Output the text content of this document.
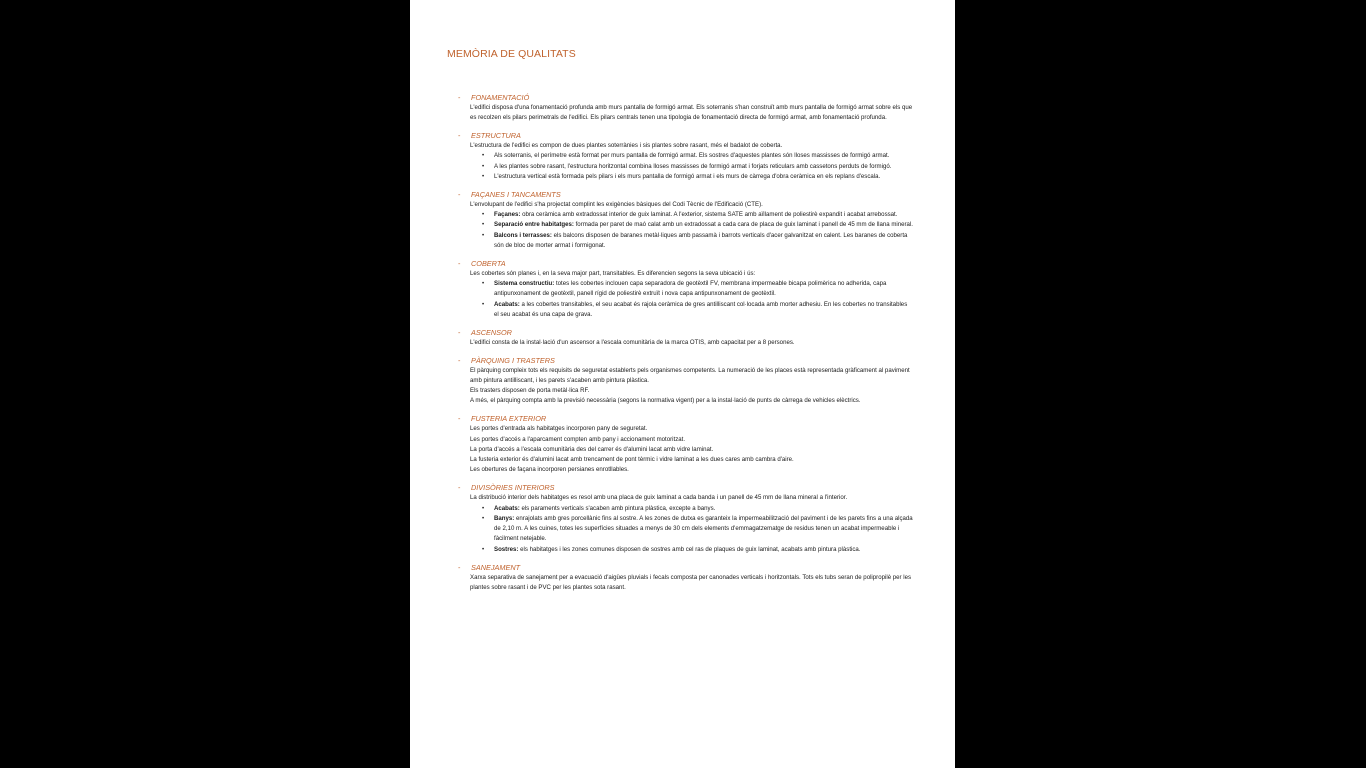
MEMÒRIA DE QUALITATS
- FONAMENTACIÓ

L'edifici disposa d'una fonamentació profunda amb murs pantalla de formigó armat. Els soterranis s'han construït amb murs pantalla de formigó armat sobre els que es recolzen els pilars perimetrals de l'edifici. Els pilars centrals tenen una tipologia de fonamentació directa de formigó armat, amb fonamentació profunda.

- ESTRUCTURA

L'estructura de l'edifici es compon de dues plantes soterrànies i sis plantes sobre rasant, més el badalot de coberta.

• Als soterranis, el perímetre està format per murs pantalla de formigó armat. Els sostres d'aquestes plantes són lloses massisses de formigó armat.
• A les plantes sobre rasant, l'estructura horitzontal combina lloses massisses de formigó armat i forjats reticulars amb cassetons perduts de formigó.
• L'estructura vertical està formada pels pilars i els murs pantalla de formigó armat i els murs de càrrega d'obra ceràmica en els replans d'escala.
- FAÇANES I TANCAMENTS

L'envolupant de l'edifici s'ha projectat complint les exigències bàsiques del Codi Tècnic de l'Edificació (CTE).

• Façanes: obra ceràmica amb extradossat interior de guix laminat. A l'exterior, sistema SATE amb aïllament de poliestirè expandit i acabat arrebossat.
• Separació entre habitatges: formada per paret de maó calat amb un extradossat a cada cara de placa de guix laminat i panell de 45 mm de llana mineral.
• Balcons i terrasses: els balcons disposen de baranes metàl·liques amb passamà i barrots verticals d'acer galvanitzat en calent. Les baranes de coberta són de bloc de morter armat i formigonat.
- COBERTA

Les cobertes són planes i, en la seva major part, transitables. Es diferencien segons la seva ubicació i ús:

• Sistema constructiu: totes les cobertes inclouen capa separadora de geotèxtil FV, membrana impermeable bicapa polimèrica no adherida, capa antipunxonament de geotèxtil, panell rígid de poliestirè extruït i nova capa antipunxonament de geotèxtil.
• Acabats: a les cobertes transitables, el seu acabat és rajola ceràmica de gres antilliscant col·locada amb morter adhesiu. En les cobertes no transitables el seu acabat és una capa de grava.
- ASCENSOR

L'edifici consta de la instal·lació d'un ascensor a l'escala comunitària de la marca OTIS, amb capacitat per a 8 persones.

- PÀRQUING I TRASTERS

El pàrquing compleix tots els requisits de seguretat establerts pels organismes competents. La numeració de les places està representada gràficament al paviment amb pintura antilliscant, i les parets s'acaben amb pintura plàstica.

Els trasters disposen de porta metàl·lica RF.

A més, el pàrquing compta amb la previsió necessària (segons la normativa vigent) per a la instal·lació de punts de càrrega de vehicles elèctrics.

- FUSTERIA EXTERIOR

Les portes d'entrada als habitatges incorporen pany de seguretat.

Les portes d'accés a l'aparcament compten amb pany i accionament motoritzat.

La porta d'accés a l'escala comunitària des del carrer és d'alumini lacat amb vidre laminat.

La fusteria exterior és d'alumini lacat amb trencament de pont tèrmic i vidre laminat a les dues cares amb cambra d'aire.

Les obertures de façana incorporen persianes enrotllables.

- DIVISÒRIES INTERIORS

La distribució interior dels habitatges es resol amb una placa de guix laminat a cada banda i un panell de 45 mm de llana mineral a l'interior.

• Acabats: els paraments verticals s'acaben amb pintura plàstica, excepte a banys.
• Banys: enrajolats amb gres porcellànic fins al sostre. A les zones de dutxa es garanteix la impermeabilització del paviment i de les parets fins a una alçada de 2,10 m. A les cuines, totes les superfícies situades a menys de 30 cm dels elements d'emmagatzematge de residus tenen un acabat impermeable i fàcilment netejable.
• Sostres: els habitatges i les zones comunes disposen de sostres amb cel ras de plaques de guix laminat, acabats amb pintura plàstica.
- SANEJAMENT

Xarxa separativa de sanejament per a evacuació d'aigües pluvials i fecals composta per canonades verticals i horitzontals. Tots els tubs seran de polipropilè per les plantes sobre rasant i de PVC per les plantes sota rasant.
